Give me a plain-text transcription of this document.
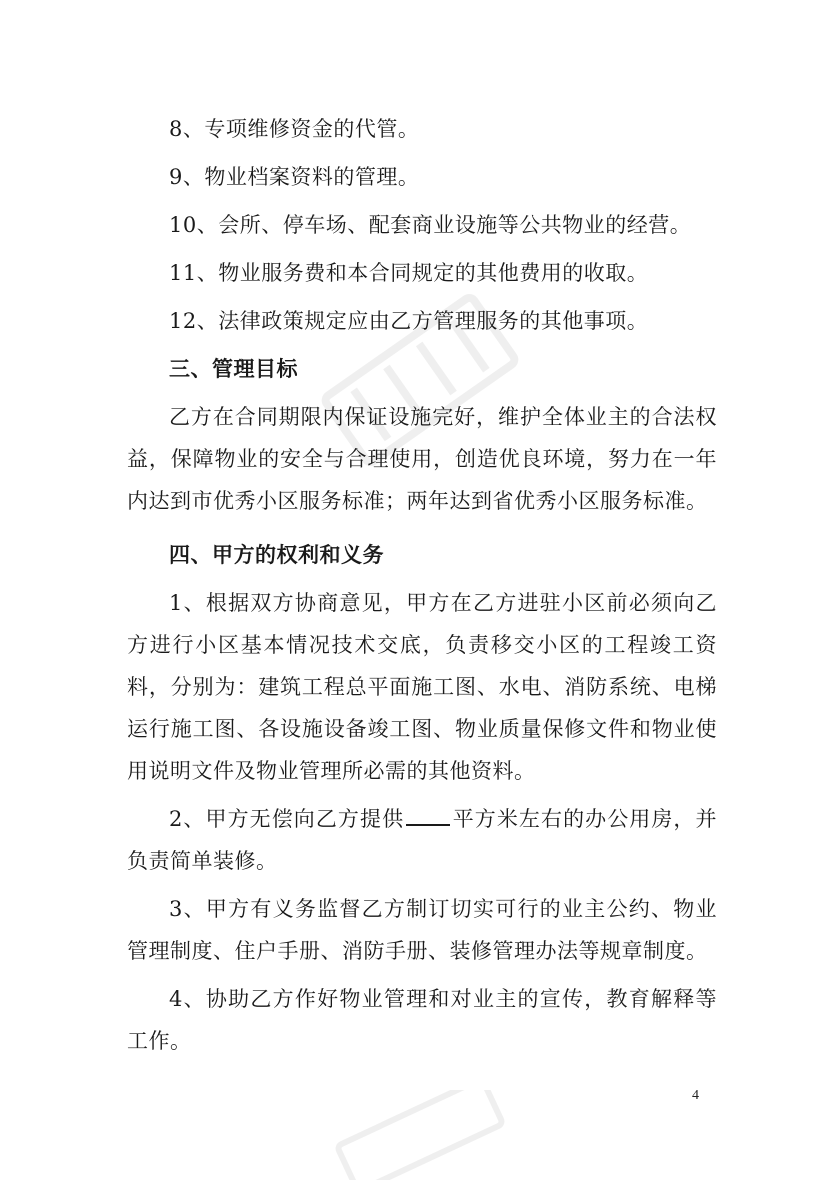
8、专项维修资金的代管。

9、物业档案资料的管理。

10、会所、停车场、配套商业设施等公共物业的经营。

11、物业服务费和本合同规定的其他费用的收取。

12、法律政策规定应由乙方管理服务的其他事项。

三、管理目标

乙方在合同期限内保证设施完好，维护全体业主的合法权益，保障物业的安全与合理使用，创造优良环境，努力在一年内达到市优秀小区服务标准；两年达到省优秀小区服务标准。

四、甲方的权利和义务

1、根据双方协商意见，甲方在乙方进驻小区前必须向乙方进行小区基本情况技术交底，负责移交小区的工程竣工资料，分别为：建筑工程总平面施工图、水电、消防系统、电梯运行施工图、各设施设备竣工图、物业质量保修文件和物业使用说明文件及物业管理所必需的其他资料。

2、甲方无偿向乙方提供 平方米左右的办公用房，并负责简单装修。

3、甲方有义务监督乙方制订切实可行的业主公约、物业管理制度、住户手册、消防手册、装修管理办法等规章制度。

4、协助乙方作好物业管理和对业主的宣传，教育解释等工作。

4
